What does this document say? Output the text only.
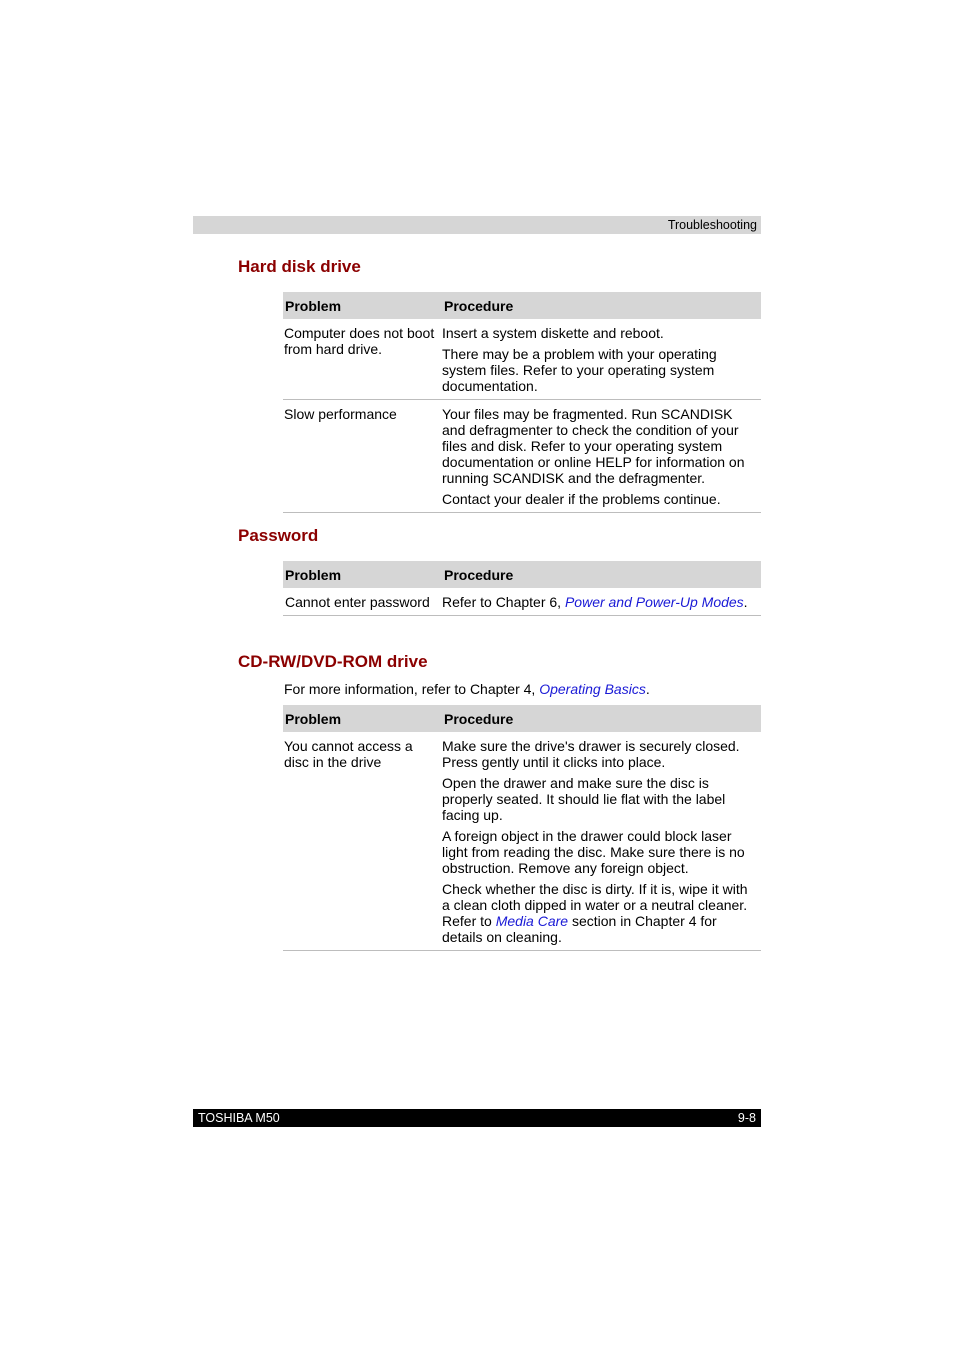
Troubleshooting
Hard disk drive
Problem	Procedure
Computer does not boot from hard drive.	Insert a system diskette and reboot.

There may be a problem with your operating system files. Refer to your operating system documentation.

Slow performance	Your files may be fragmented. Run SCANDISK and defragmenter to check the condition of your files and disk. Refer to your operating system documentation or online HELP for information on running SCANDISK and the defragmenter.

Contact your dealer if the problems continue.

Password
Problem	Procedure
Cannot enter password	Refer to Chapter 6, Power and Power-Up Modes.

CD-RW/DVD-ROM drive
For more information, refer to Chapter 4, Operating Basics.
Problem	Procedure
You cannot access a disc in the drive	Make sure the drive's drawer is securely closed. Press gently until it clicks into place.

Open the drawer and make sure the disc is properly seated. It should lie flat with the label facing up.

A foreign object in the drawer could block laser light from reading the disc. Make sure there is no obstruction. Remove any foreign object.

Check whether the disc is dirty. If it is, wipe it with a clean cloth dipped in water or a neutral cleaner. Refer to Media Care section in Chapter 4 for details on cleaning.

TOSHIBA M50	9-8
